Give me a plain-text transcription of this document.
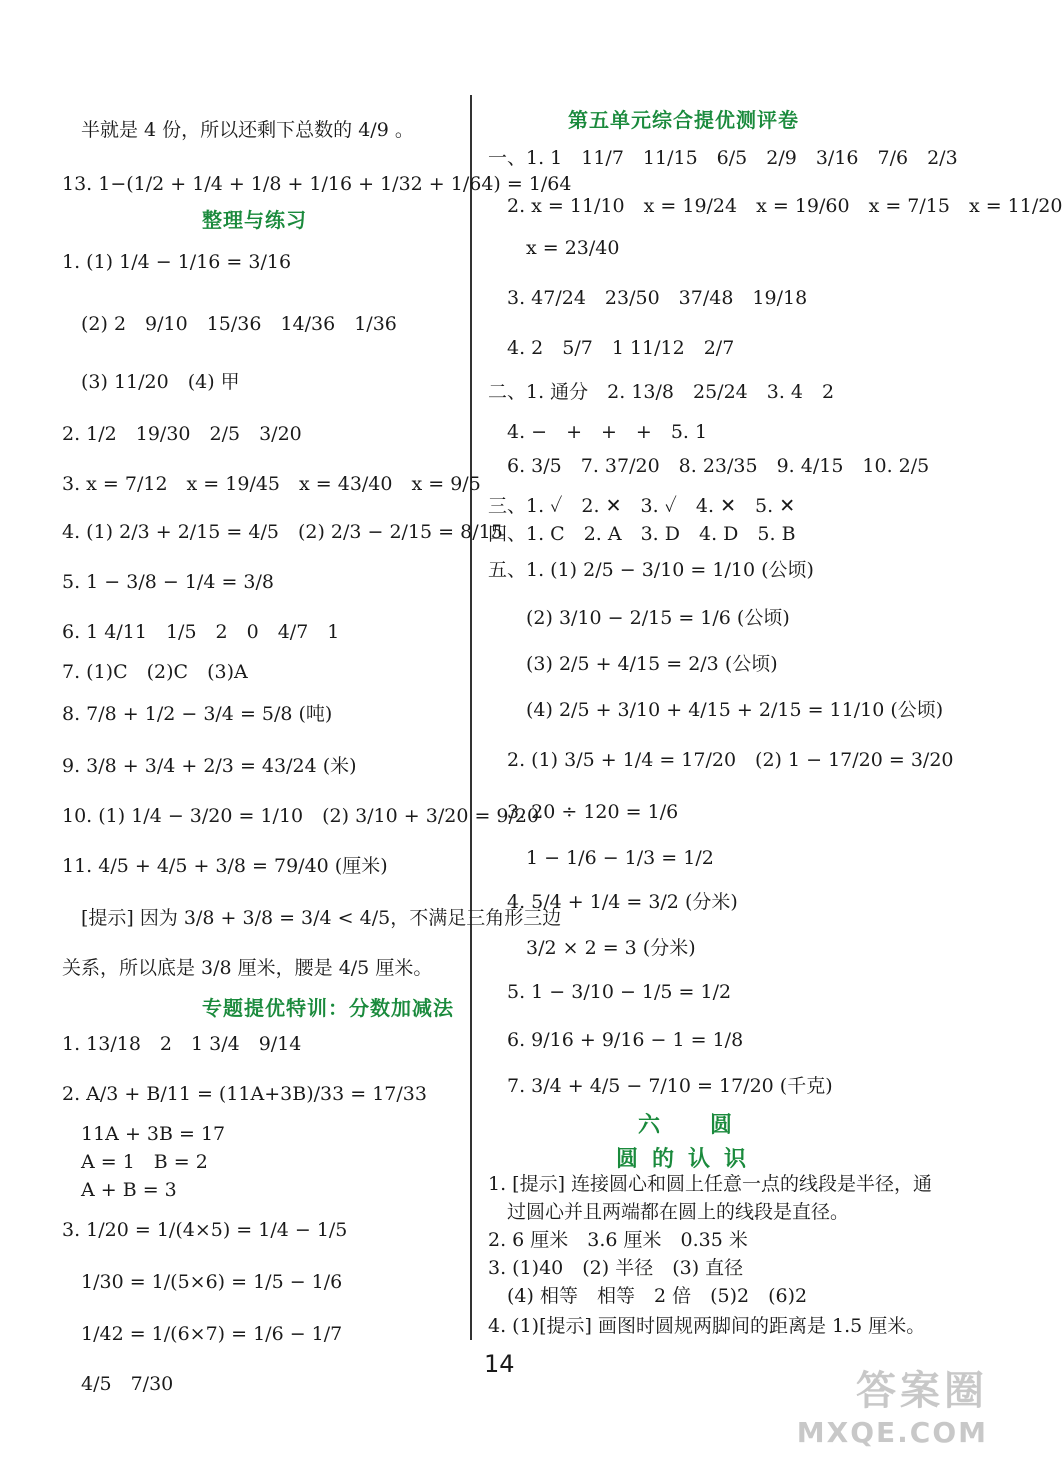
　半就是 4 份，所以还剩下总数的 4/9 。
13. 1−(1/2 + 1/4 + 1/8 + 1/16 + 1/32 + 1/64) = 1/64
整理与练习
1. (1) 1/4 − 1/16 = 3/16
　(2) 2　9/10　15/36　14/36　1/36
　(3) 11/20　(4) 甲
2. 1/2　19/30　2/5　3/20
3. x = 7/12　x = 19/45　x = 43/40　x = 9/5
4. (1) 2/3 + 2/15 = 4/5　(2) 2/3 − 2/15 = 8/15
5. 1 − 3/8 − 1/4 = 3/8
6. 1 4/11　1/5　2　0　4/7　1
7. (1)C　(2)C　(3)A
8. 7/8 + 1/2 − 3/4 = 5/8 (吨)
9. 3/8 + 3/4 + 2/3 = 43/24 (米)
10. (1) 1/4 − 3/20 = 1/10　(2) 3/10 + 3/20 = 9/20
11. 4/5 + 4/5 + 3/8 = 79/40 (厘米)
　[提示] 因为 3/8 + 3/8 = 3/4 < 4/5，不满足三角形三边
关系，所以底是 3/8 厘米，腰是 4/5 厘米。
专题提优特训：分数加减法
1. 13/18　2　1 3/4　9/14
2. A/3 + B/11 = (11A+3B)/33 = 17/33
　11A + 3B = 17
　A = 1　B = 2
　A + B = 3
3. 1/20 = 1/(4×5) = 1/4 − 1/5
　1/30 = 1/(5×6) = 1/5 − 1/6
　1/42 = 1/(6×7) = 1/6 − 1/7
　4/5　7/30
第五单元综合提优测评卷
一、1. 1　11/7　11/15　6/5　2/9　3/16　7/6　2/3
　2. x = 11/10　x = 19/24　x = 19/60　x = 7/15　x = 11/20
　　x = 23/40
　3. 47/24　23/50　37/48　19/18
　4. 2　5/7　1 11/12　2/7
二、1. 通分　2. 13/8　25/24　3. 4　2
　4. −　+　+　+　5. 1
　6. 3/5　7. 37/20　8. 23/35　9. 4/15　10. 2/5
三、1. ✓　2. ✕　3. ✓　4. ✕　5. ✕
四、1. C　2. A　3. D　4. D　5. B
五、1. (1) 2/5 − 3/10 = 1/10 (公顷)
　　(2) 3/10 − 2/15 = 1/6 (公顷)
　　(3) 2/5 + 4/15 = 2/3 (公顷)
　　(4) 2/5 + 3/10 + 4/15 + 2/15 = 11/10 (公顷)
　2. (1) 3/5 + 1/4 = 17/20　(2) 1 − 17/20 = 3/20
　3. 20 ÷ 120 = 1/6
　　1 − 1/6 − 1/3 = 1/2
　4. 5/4 + 1/4 = 3/2 (分米)
　　3/2 × 2 = 3 (分米)
　5. 1 − 3/10 − 1/5 = 1/2
　6. 9/16 + 9/16 − 1 = 1/8
　7. 3/4 + 4/5 − 7/10 = 17/20 (千克)
六　圆
圆的认识
1. [提示] 连接圆心和圆上任意一点的线段是半径，通
　过圆心并且两端都在圆上的线段是直径。
2. 6 厘米　3.6 厘米　0.35 米
3. (1)40　(2) 半径　(3) 直径
　(4) 相等　相等　2 倍　(5)2　(6)2
4. (1)[提示] 画图时圆规两脚间的距离是 1.5 厘米。
14
答案圈
MXQE.COM
